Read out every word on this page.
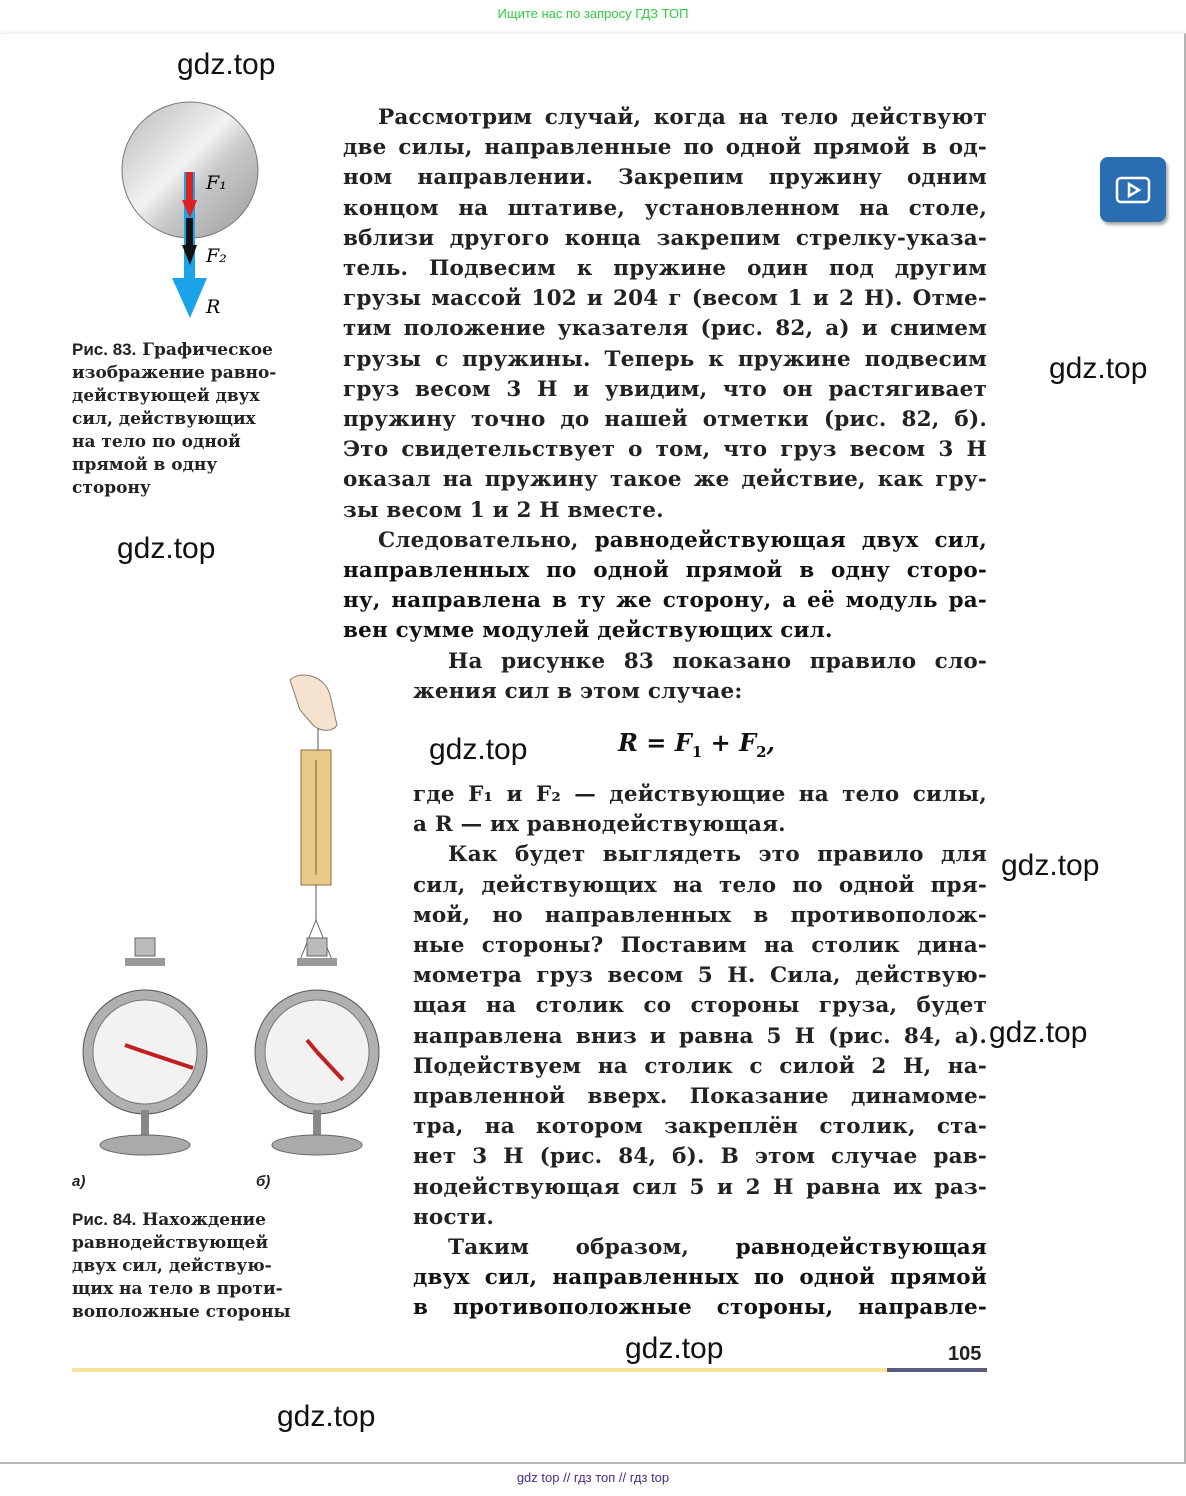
Ищите нас по запросу ГДЗ ТОП
F₁
F₂
R
Рис. 83. Графическое
изображение равно-
действующей двух
сил, действующих
на тело по одной
прямой в одну
сторону
а)	б)
Рис. 84. Нахождение
равнодействующей
двух сил, действую-
щих на тело в проти-
воположные стороны
Рассмотрим случай, когда на тело действуют
две силы, направленные по одной прямой в од-
ном направлении. Закрепим пружину одним
концом на штативе, установленном на столе,
вблизи другого конца закрепим стрелку-указа-
тель. Подвесим к пружине один под другим
грузы массой 102 и 204 г (весом 1 и 2 Н). Отме-
тим положение указателя (рис. 82, а) и снимем
грузы с пружины. Теперь к пружине подвесим
груз весом 3 Н и увидим, что он растягивает
пружину точно до нашей отметки (рис. 82, б).
Это свидетельствует о том, что груз весом 3 Н
оказал на пружину такое же действие, как гру-
зы весом 1 и 2 Н вместе.
Следовательно, равнодействующая двух сил,
направленных по одной прямой в одну сторо-
ну, направлена в ту же сторону, а её модуль ра-
вен сумме модулей действующих сил.
На рисунке 83 показано правило сло-
жения сил в этом случае:
где F₁ и F₂ — действующие на тело силы,
а R — их равнодействующая.
Как будет выглядеть это правило для
сил, действующих на тело по одной пря-
мой, но направленных в противополож-
ные стороны? Поставим на столик дина-
мометра груз весом 5 Н. Сила, действую-
щая на столик со стороны груза, будет
направлена вниз и равна 5 Н (рис. 84, а).
Подействуем на столик с силой 2 Н, на-
правленной вверх. Показание динамоме-
тра, на котором закреплён столик, ста-
нет 3 Н (рис. 84, б). В этом случае рав-
нодействующая сил 5 и 2 Н равна их раз-
ности.
Таким образом, равнодействующая
двух сил, направленных по одной прямой
в противоположные стороны, направле-
$R = F_1 + F_2$,
105
gdz.top
gdz.top
gdz.top
gdz.top
gdz.top
gdz.top
gdz.top
gdz.top
gdz top // гдз топ // гдз top
